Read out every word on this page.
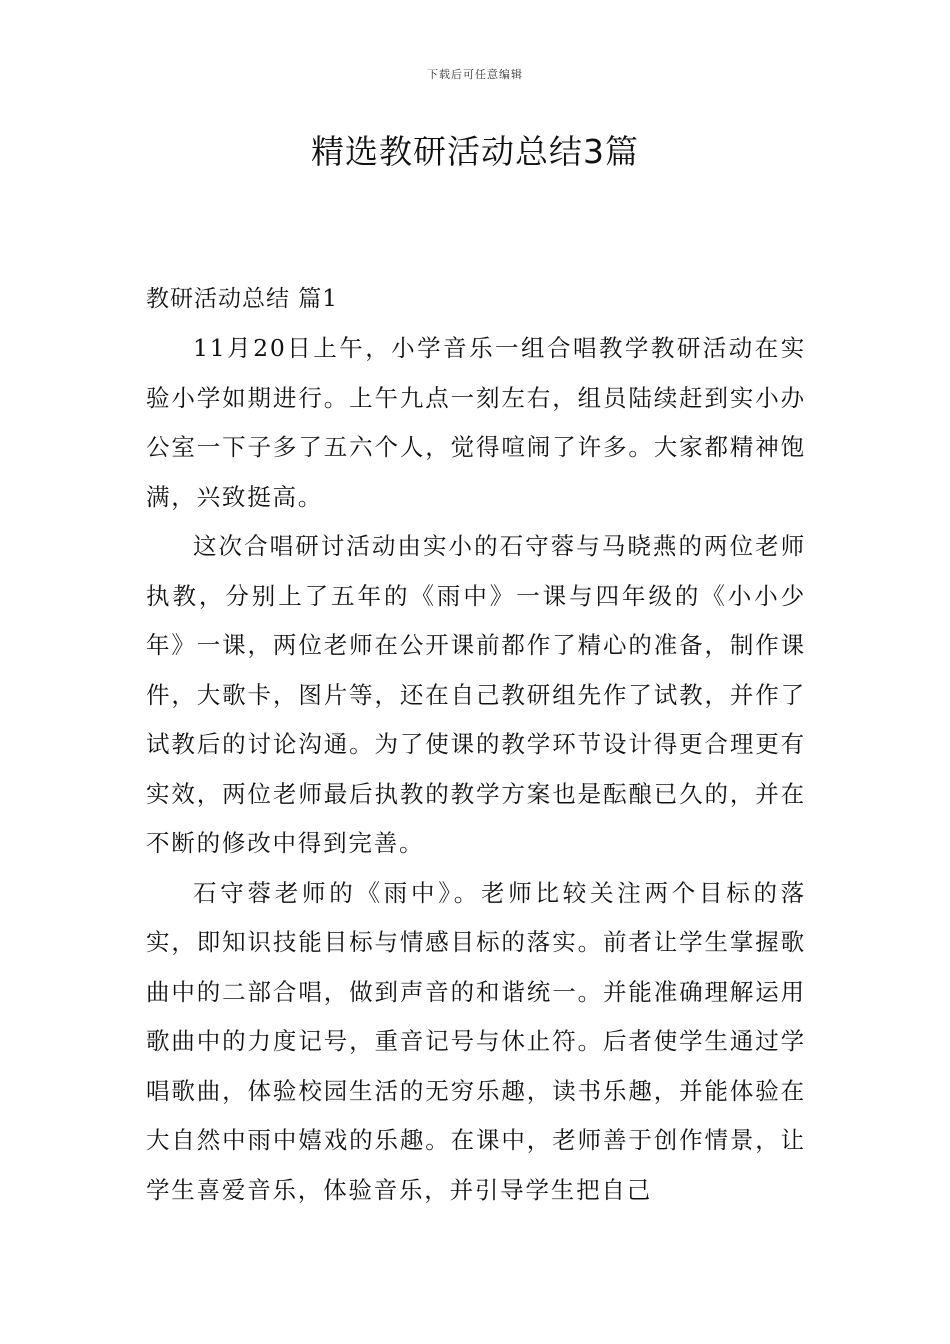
下载后可任意编辑
精选教研活动总结3篇
教研活动总结 篇1

11月20日上午，小学音乐一组合唱教学教研活动在实验小学如期进行。上午九点一刻左右，组员陆续赶到实小办公室一下子多了五六个人，觉得喧闹了许多。大家都精神饱满，兴致挺高。

这次合唱研讨活动由实小的石守蓉与马晓燕的两位老师执教，分别上了五年的《雨中》一课与四年级的《小小少年》一课，两位老师在公开课前都作了精心的准备，制作课件，大歌卡，图片等，还在自己教研组先作了试教，并作了试教后的讨论沟通。为了使课的教学环节设计得更合理更有实效，两位老师最后执教的教学方案也是酝酿已久的，并在不断的修改中得到完善。

石守蓉老师的《雨中》。老师比较关注两个目标的落实，即知识技能目标与情感目标的落实。前者让学生掌握歌曲中的二部合唱，做到声音的和谐统一。并能准确理解运用歌曲中的力度记号，重音记号与休止符。后者使学生通过学唱歌曲，体验校园生活的无穷乐趣，读书乐趣，并能体验在大自然中雨中嬉戏的乐趣。在课中，老师善于创作情景，让学生喜爱音乐，体验音乐，并引导学生把自己
